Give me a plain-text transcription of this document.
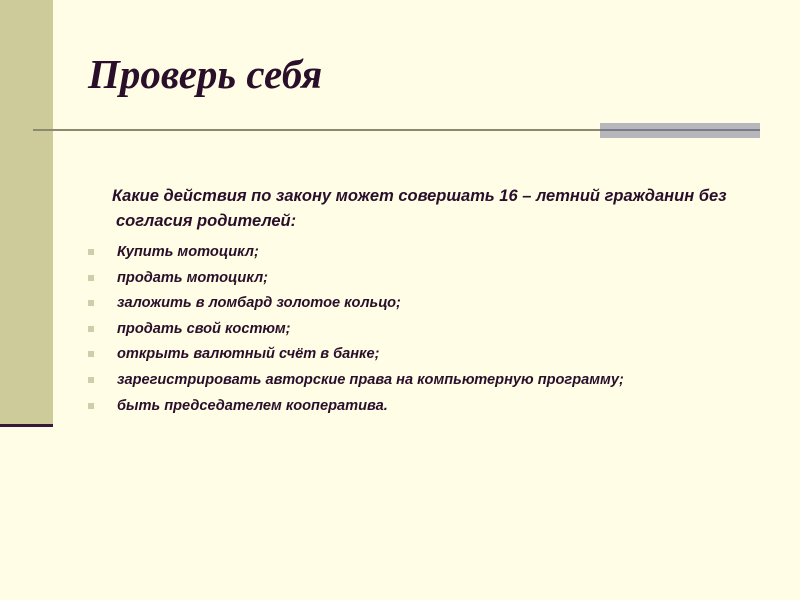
Проверь себя

Какие действия по закону может совершать 16 – летний гражданин без согласия родителей:

Купить мотоцикл;
продать мотоцикл;
заложить в ломбард золотое кольцо;
продать свой костюм;
открыть валютный счёт в банке;
зарегистрировать авторские права на компьютерную программу;
быть председателем кооператива.
